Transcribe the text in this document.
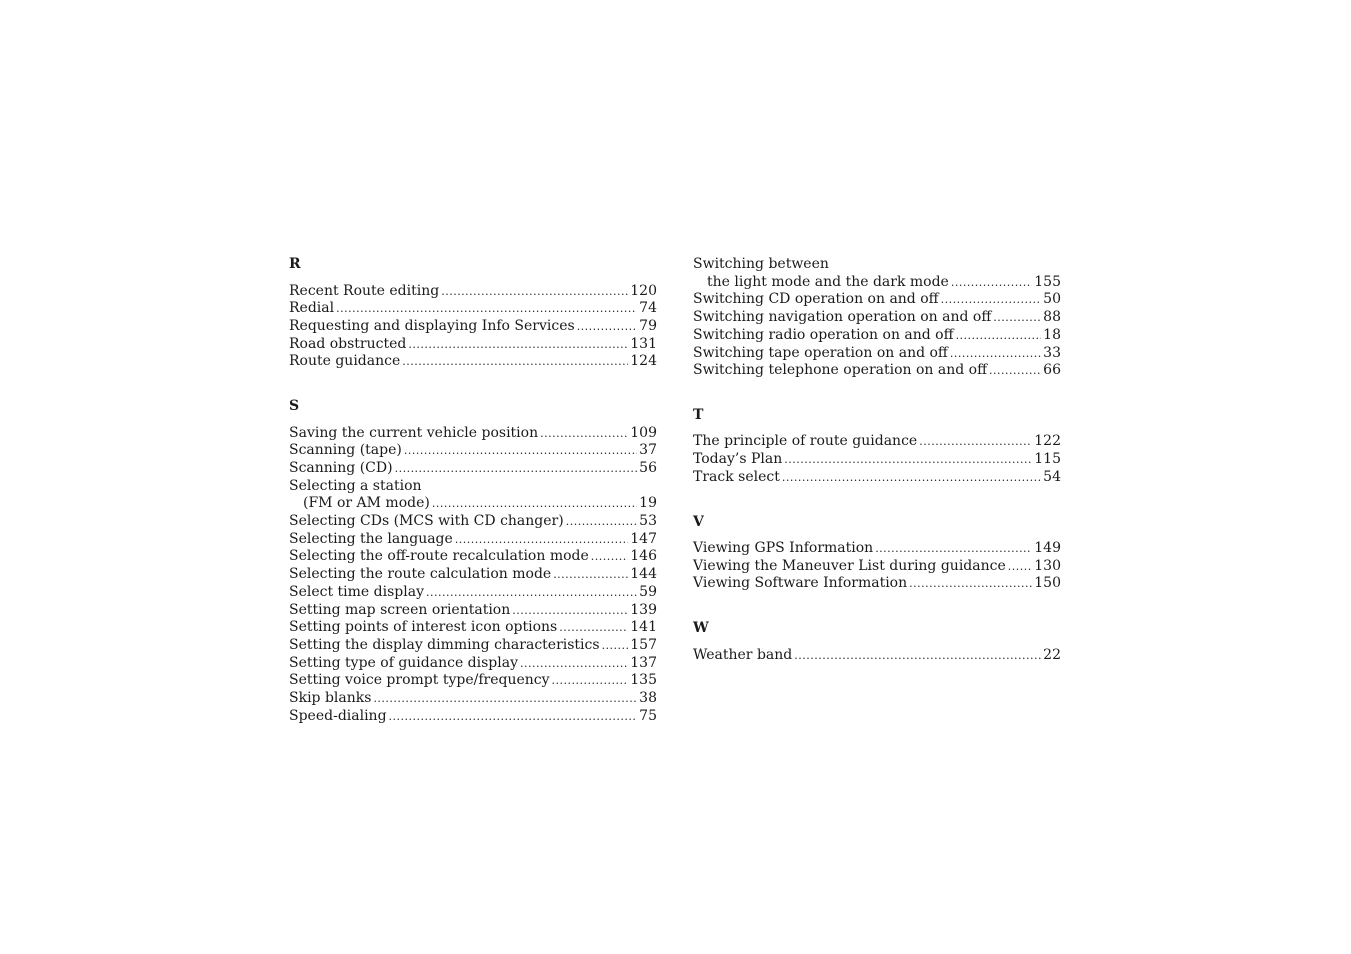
R
Recent Route editing .....	120
Redial .....	74
Requesting and displaying Info Services .....	79
Road obstructed .....	131
Route guidance .....	124
S
Saving the current vehicle position .....	109
Scanning (tape) .....	37
Scanning (CD) .....	56
Selecting a station
(FM or AM mode) .....	19
Selecting CDs (MCS with CD changer) .....	53
Selecting the language .....	147
Selecting the off-route recalculation mode .....	146
Selecting the route calculation mode .....	144
Select time display .....	59
Setting map screen orientation .....	139
Setting points of interest icon options .....	141
Setting the display dimming characteristics ..... 157
Setting type of guidance display .....	137
Setting voice prompt type/frequency .....	135
Skip blanks .....	38
Speed-dialing .....	75
Switching between
the light mode and the dark mode .....	155
Switching CD operation on and off .....	50
Switching navigation operation on and off .....	88
Switching radio operation on and off .....	18
Switching tape operation on and off .....	33
Switching telephone operation on and off .....	66
T
The principle of route guidance .....	122
Today’s Plan .....	115
Track select .....	54
V
Viewing GPS Information .....	149
Viewing the Maneuver List during guidance ..... 130
Viewing Software Information .....	150
W
Weather band .....	22
